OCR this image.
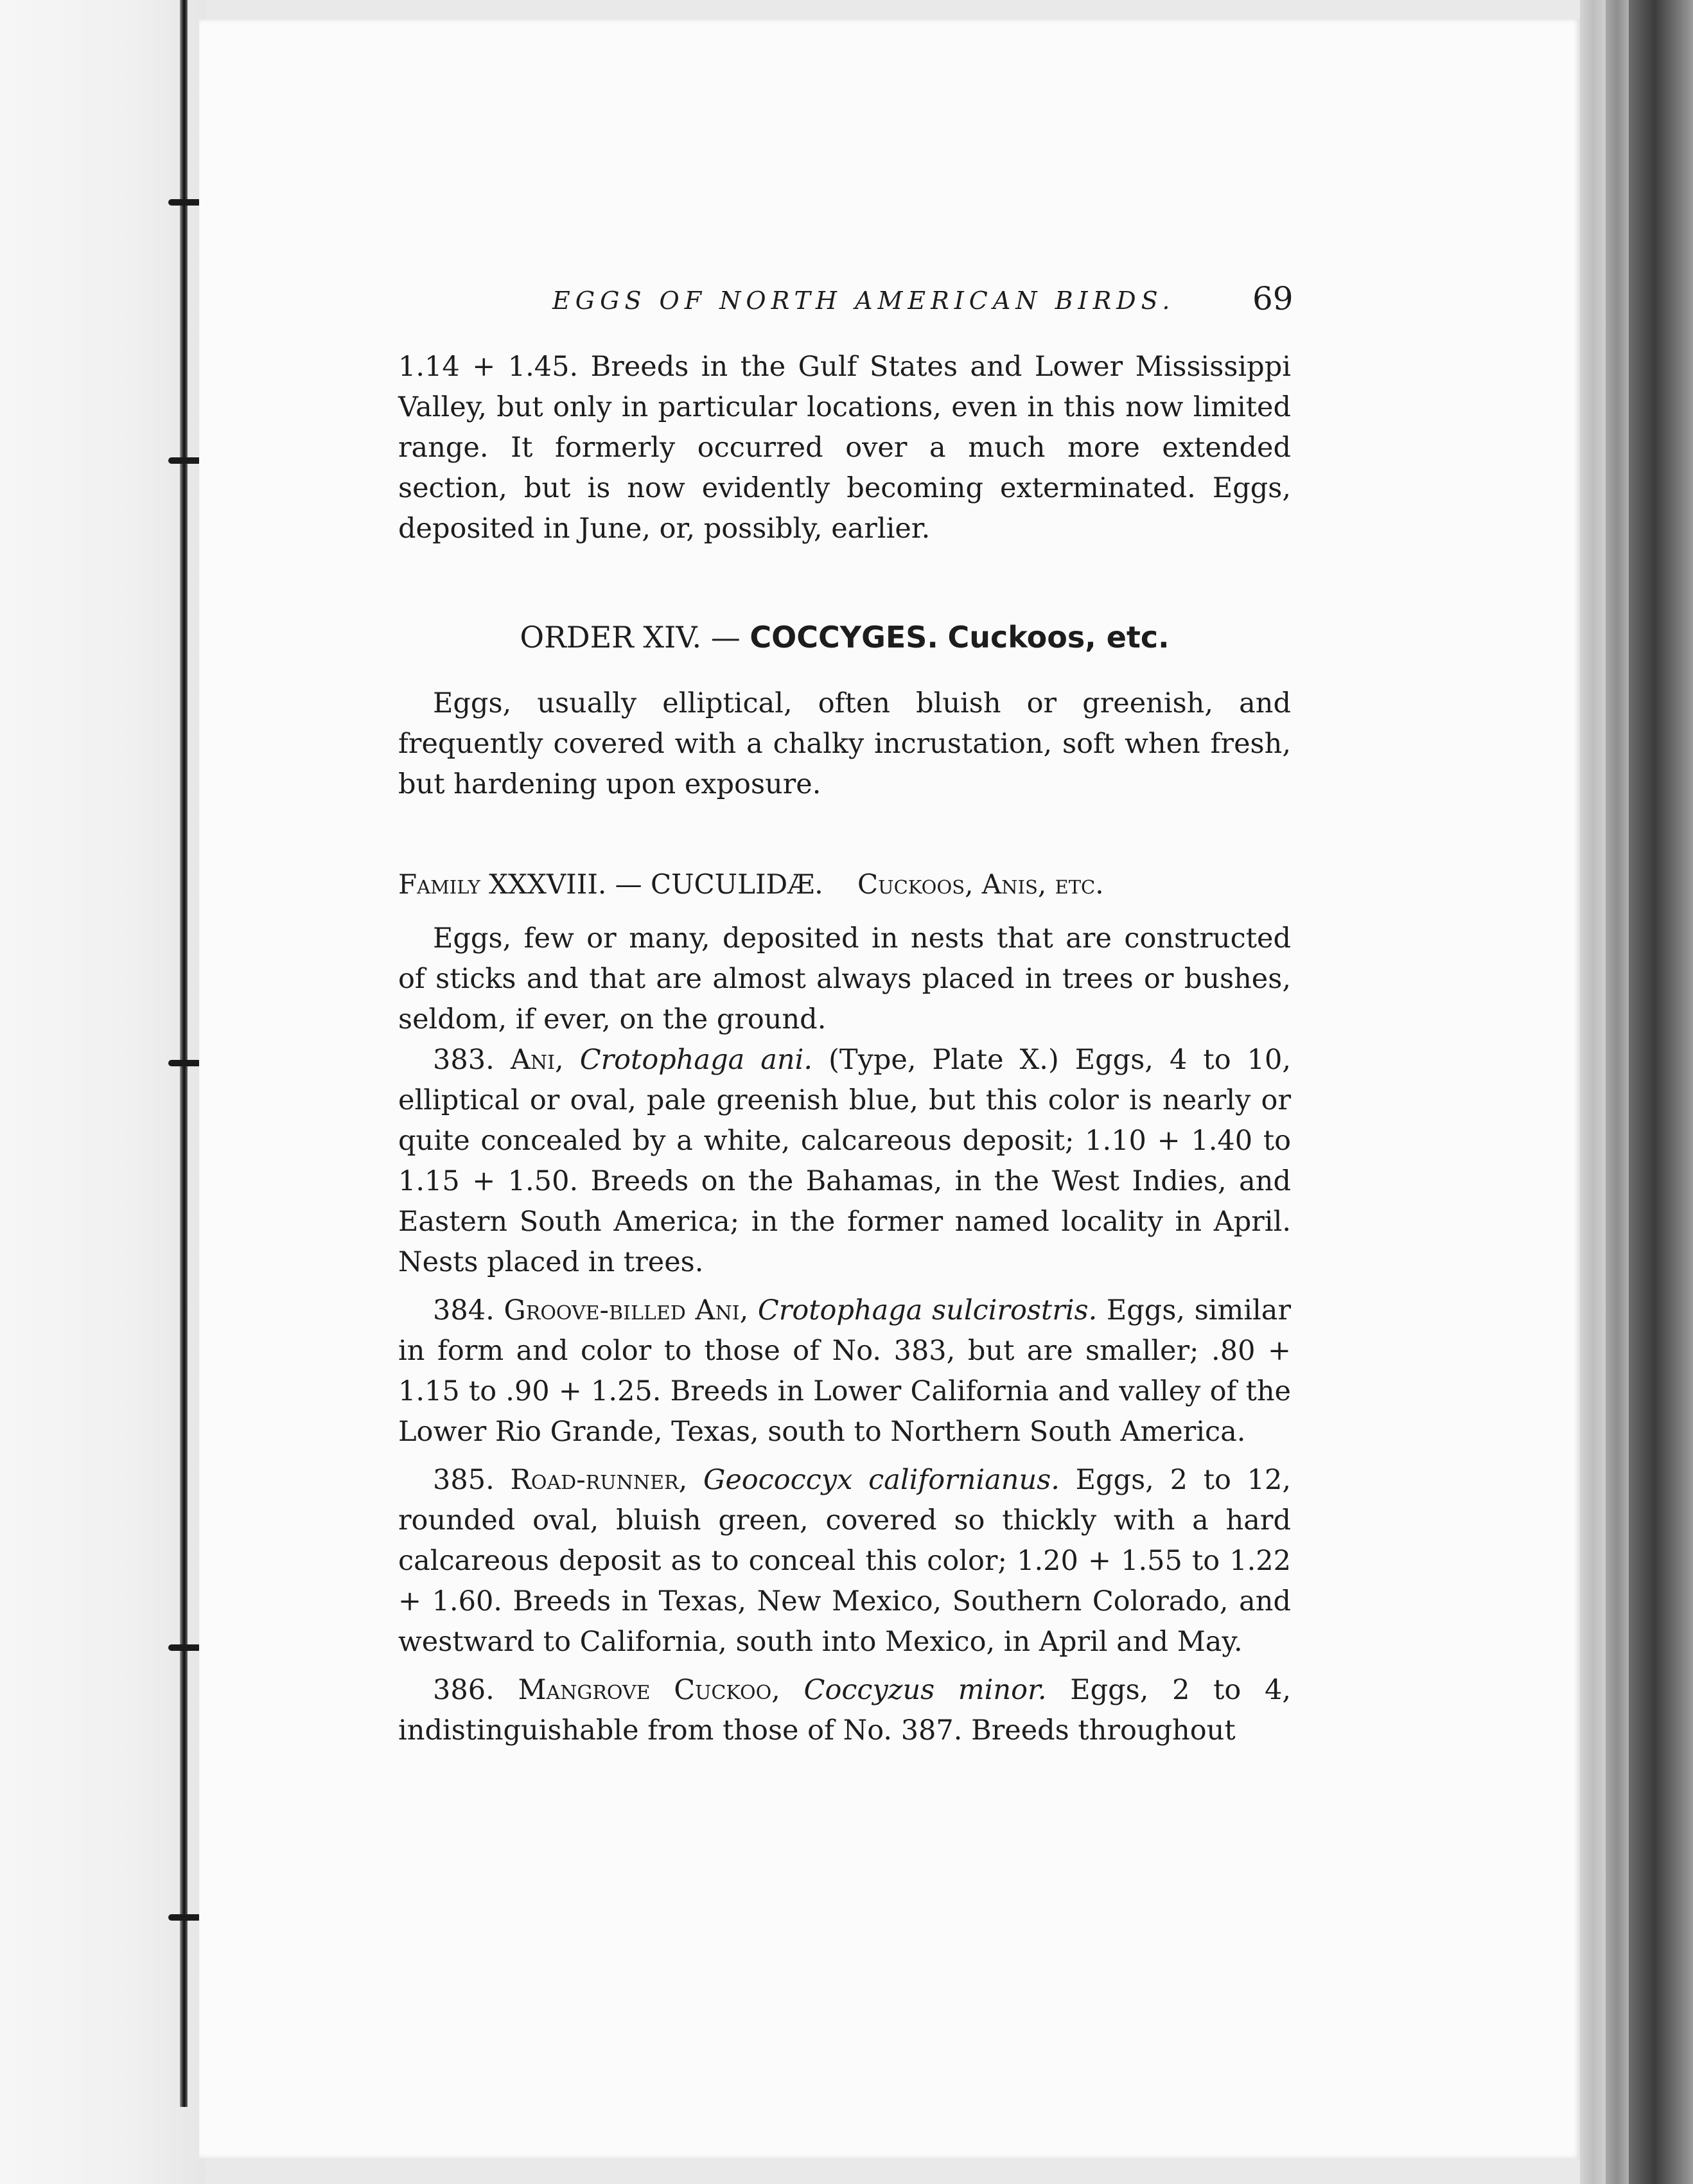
EGGS OF NORTH AMERICAN BIRDS.	69

1.14 + 1.45. Breeds in the Gulf States and Lower Mississippi Valley, but only in particular locations, even in this now limited range. It formerly occurred over a much more extended section, but is now evidently becoming exterminated. Eggs, deposited in June, or, possibly, earlier.

ORDER XIV. — COCCYGES. Cuckoos, etc.

Eggs, usually elliptical, often bluish or greenish, and frequently covered with a chalky incrustation, soft when fresh, but hardening upon exposure.

Family XXXVIII. — CUCULIDÆ. Cuckoos, Anis, etc.

Eggs, few or many, deposited in nests that are constructed of sticks and that are almost always placed in trees or bushes, seldom, if ever, on the ground.

383. Ani, Crotophaga ani. (Type, Plate X.) Eggs, 4 to 10, elliptical or oval, pale greenish blue, but this color is nearly or quite concealed by a white, calcareous deposit; 1.10 + 1.40 to 1.15 + 1.50. Breeds on the Bahamas, in the West Indies, and Eastern South America; in the former named locality in April. Nests placed in trees.

384. Groove-billed Ani, Crotophaga sulcirostris. Eggs, similar in form and color to those of No. 383, but are smaller; .80 + 1.15 to .90 + 1.25. Breeds in Lower California and valley of the Lower Rio Grande, Texas, south to Northern South America.

385. Road-runner, Geococcyx californianus. Eggs, 2 to 12, rounded oval, bluish green, covered so thickly with a hard calcareous deposit as to conceal this color; 1.20 + 1.55 to 1.22 + 1.60. Breeds in Texas, New Mexico, Southern Colorado, and westward to California, south into Mexico, in April and May.

386. Mangrove Cuckoo, Coccyzus minor. Eggs, 2 to 4, indistinguishable from those of No. 387. Breeds throughout
